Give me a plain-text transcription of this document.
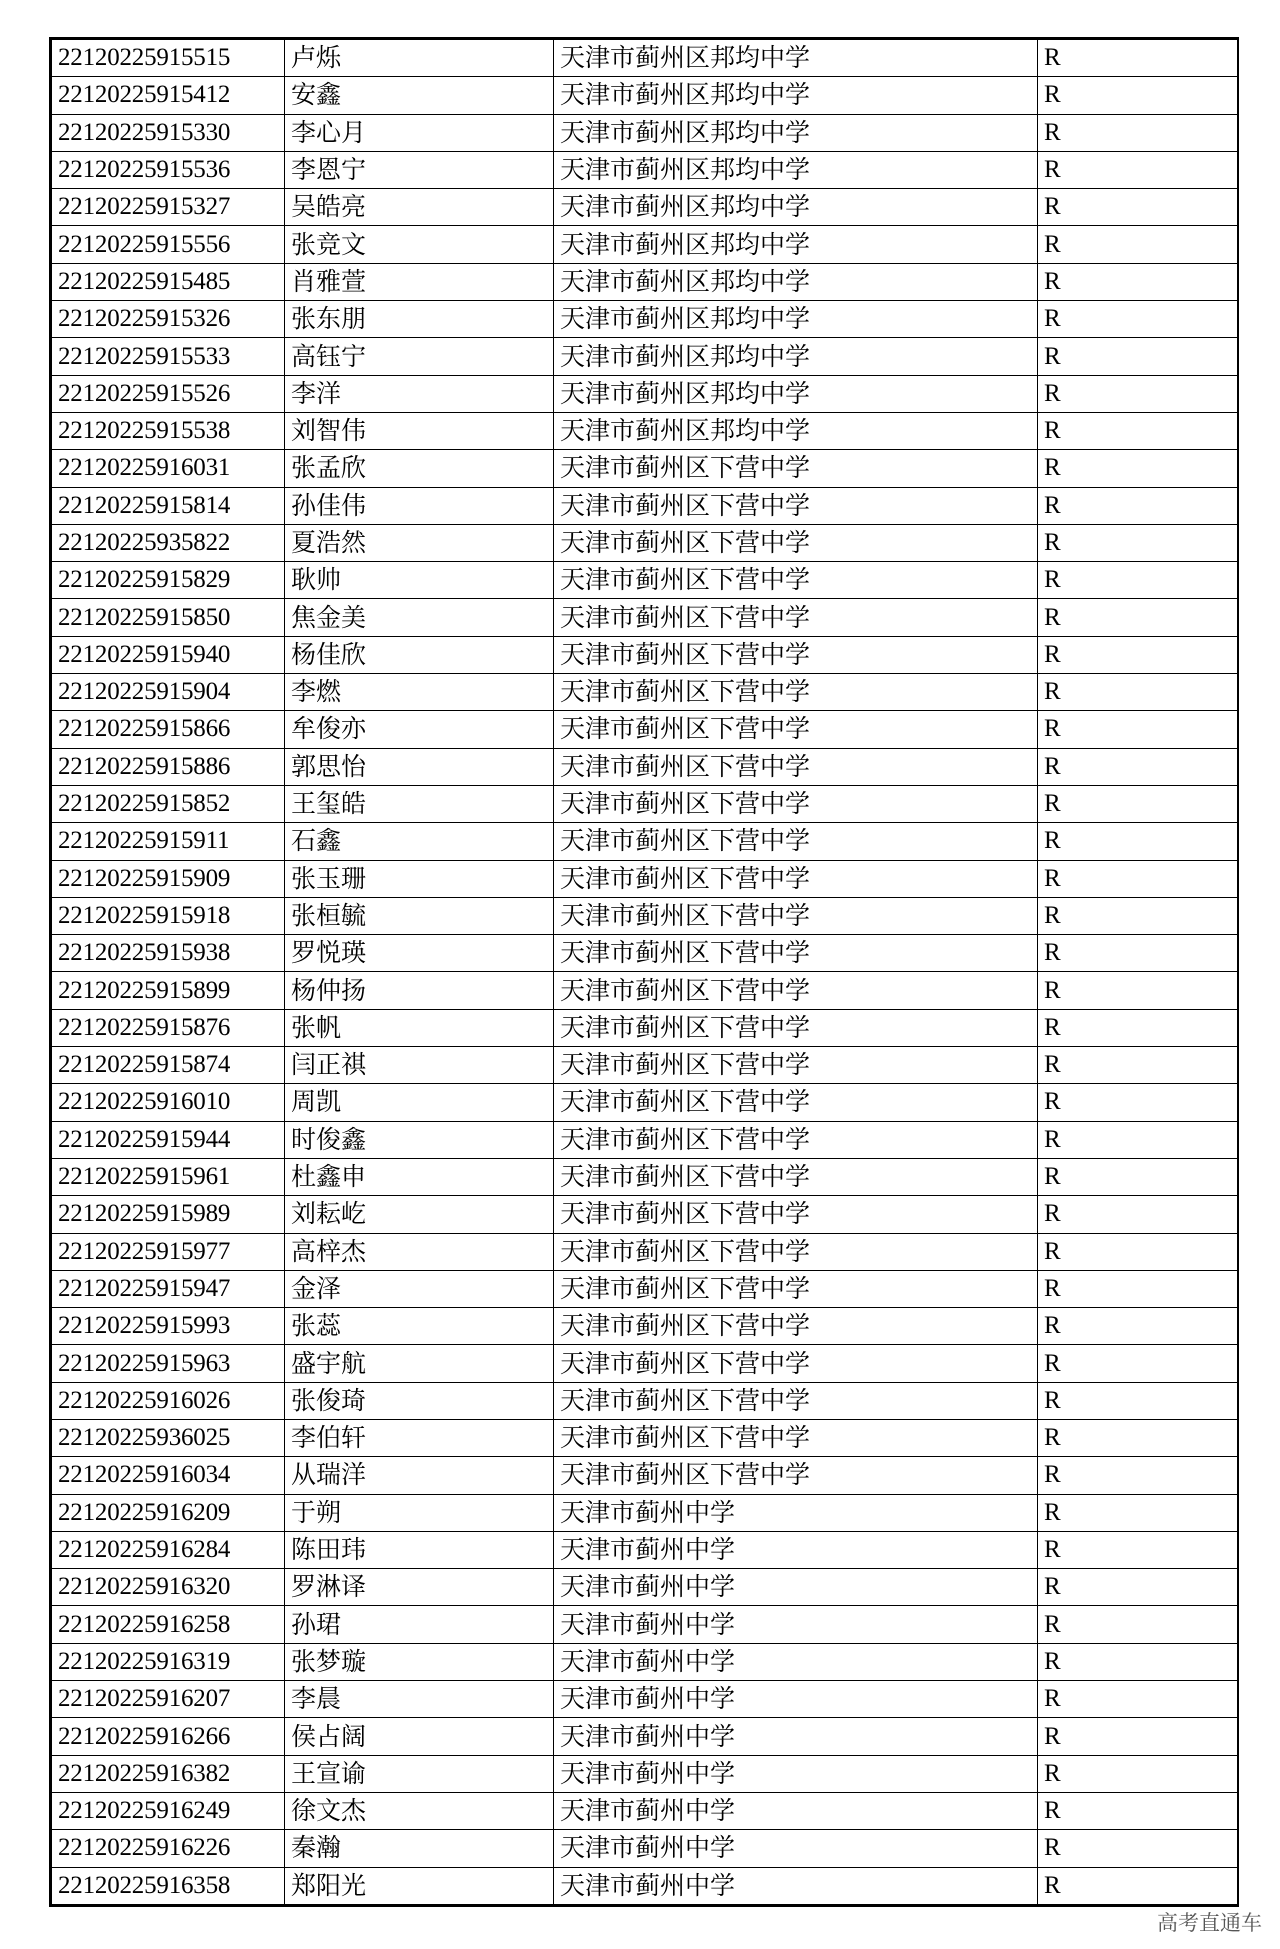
22120225915515	卢烁	天津市蓟州区邦均中学	R
22120225915412	安鑫	天津市蓟州区邦均中学	R
22120225915330	李心月	天津市蓟州区邦均中学	R
22120225915536	李恩宁	天津市蓟州区邦均中学	R
22120225915327	吴皓亮	天津市蓟州区邦均中学	R
22120225915556	张竞文	天津市蓟州区邦均中学	R
22120225915485	肖雅萱	天津市蓟州区邦均中学	R
22120225915326	张东朋	天津市蓟州区邦均中学	R
22120225915533	高钰宁	天津市蓟州区邦均中学	R
22120225915526	李洋	天津市蓟州区邦均中学	R
22120225915538	刘智伟	天津市蓟州区邦均中学	R
22120225916031	张孟欣	天津市蓟州区下营中学	R
22120225915814	孙佳伟	天津市蓟州区下营中学	R
22120225935822	夏浩然	天津市蓟州区下营中学	R
22120225915829	耿帅	天津市蓟州区下营中学	R
22120225915850	焦金美	天津市蓟州区下营中学	R
22120225915940	杨佳欣	天津市蓟州区下营中学	R
22120225915904	李燃	天津市蓟州区下营中学	R
22120225915866	牟俊亦	天津市蓟州区下营中学	R
22120225915886	郭思怡	天津市蓟州区下营中学	R
22120225915852	王玺皓	天津市蓟州区下营中学	R
22120225915911	石鑫	天津市蓟州区下营中学	R
22120225915909	张玉珊	天津市蓟州区下营中学	R
22120225915918	张桓毓	天津市蓟州区下营中学	R
22120225915938	罗悦瑛	天津市蓟州区下营中学	R
22120225915899	杨仲扬	天津市蓟州区下营中学	R
22120225915876	张帆	天津市蓟州区下营中学	R
22120225915874	闫正祺	天津市蓟州区下营中学	R
22120225916010	周凯	天津市蓟州区下营中学	R
22120225915944	时俊鑫	天津市蓟州区下营中学	R
22120225915961	杜鑫申	天津市蓟州区下营中学	R
22120225915989	刘耘屹	天津市蓟州区下营中学	R
22120225915977	高梓杰	天津市蓟州区下营中学	R
22120225915947	金泽	天津市蓟州区下营中学	R
22120225915993	张蕊	天津市蓟州区下营中学	R
22120225915963	盛宇航	天津市蓟州区下营中学	R
22120225916026	张俊琦	天津市蓟州区下营中学	R
22120225936025	李伯轩	天津市蓟州区下营中学	R
22120225916034	从瑞洋	天津市蓟州区下营中学	R
22120225916209	于朔	天津市蓟州中学	R
22120225916284	陈田玮	天津市蓟州中学	R
22120225916320	罗淋译	天津市蓟州中学	R
22120225916258	孙珺	天津市蓟州中学	R
22120225916319	张梦璇	天津市蓟州中学	R
22120225916207	李晨	天津市蓟州中学	R
22120225916266	侯占阔	天津市蓟州中学	R
22120225916382	王宣谕	天津市蓟州中学	R
22120225916249	徐文杰	天津市蓟州中学	R
22120225916226	秦瀚	天津市蓟州中学	R
22120225916358	郑阳光	天津市蓟州中学	R
高考直通车
